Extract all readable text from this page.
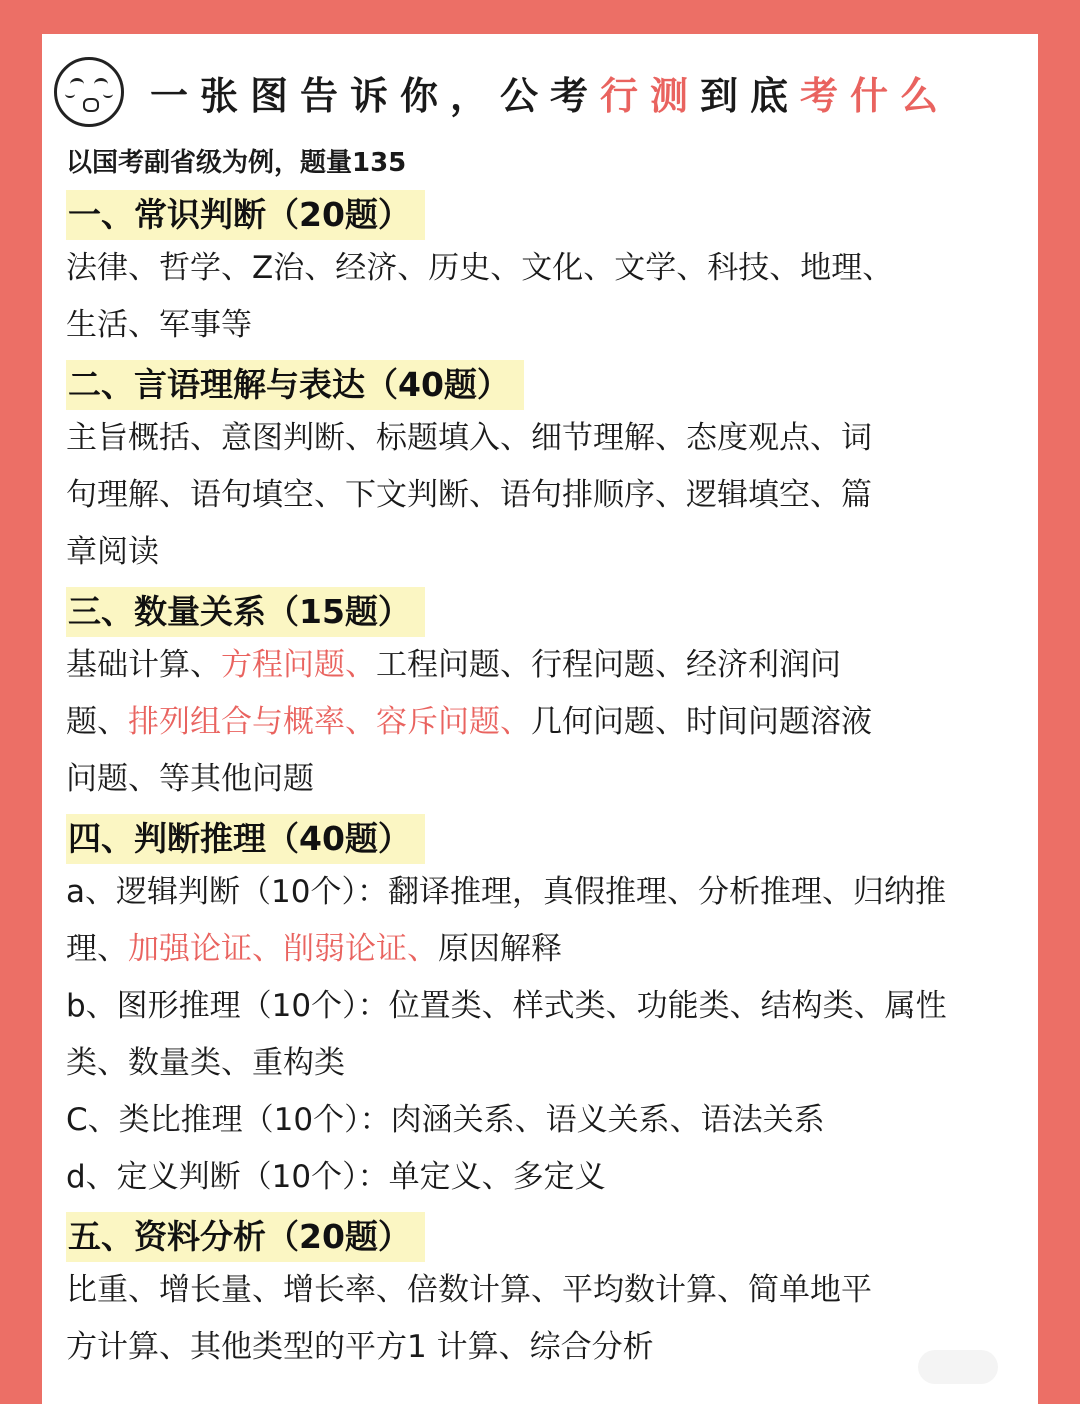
一张图告诉你，公考行测到底考什么
以国考副省级为例，题量135
一、常识判断（20题）
法律、哲学、Z治、经济、历史、文化、文学、科技、地理、
生活、军事等
二、言语理解与表达（40题）
主旨概括、意图判断、标题填入、细节理解、态度观点、词
句理解、语句填空、下文判断、语句排顺序、逻辑填空、篇
章阅读
三、数量关系（15题）
基础计算、方程问题、工程问题、行程问题、经济利润问
题、排列组合与概率、容斥问题、几何问题、时间问题溶液
问题、等其他问题
四、判断推理（40题）
a、逻辑判断（10个）：翻译推理，真假推理、分析推理、归纳推
理、加强论证、削弱论证、原因解释
b、图形推理（10个）：位置类、样式类、功能类、结构类、属性
类、数量类、重构类
C、类比推理（10个）：肉涵关系、语义关系、语法关系
d、定义判断（10个）：单定义、多定义
五、资料分析（20题）
比重、增长量、增长率、倍数计算、平均数计算、简单地平
方计算、其他类型的平方1 计算、综合分析
